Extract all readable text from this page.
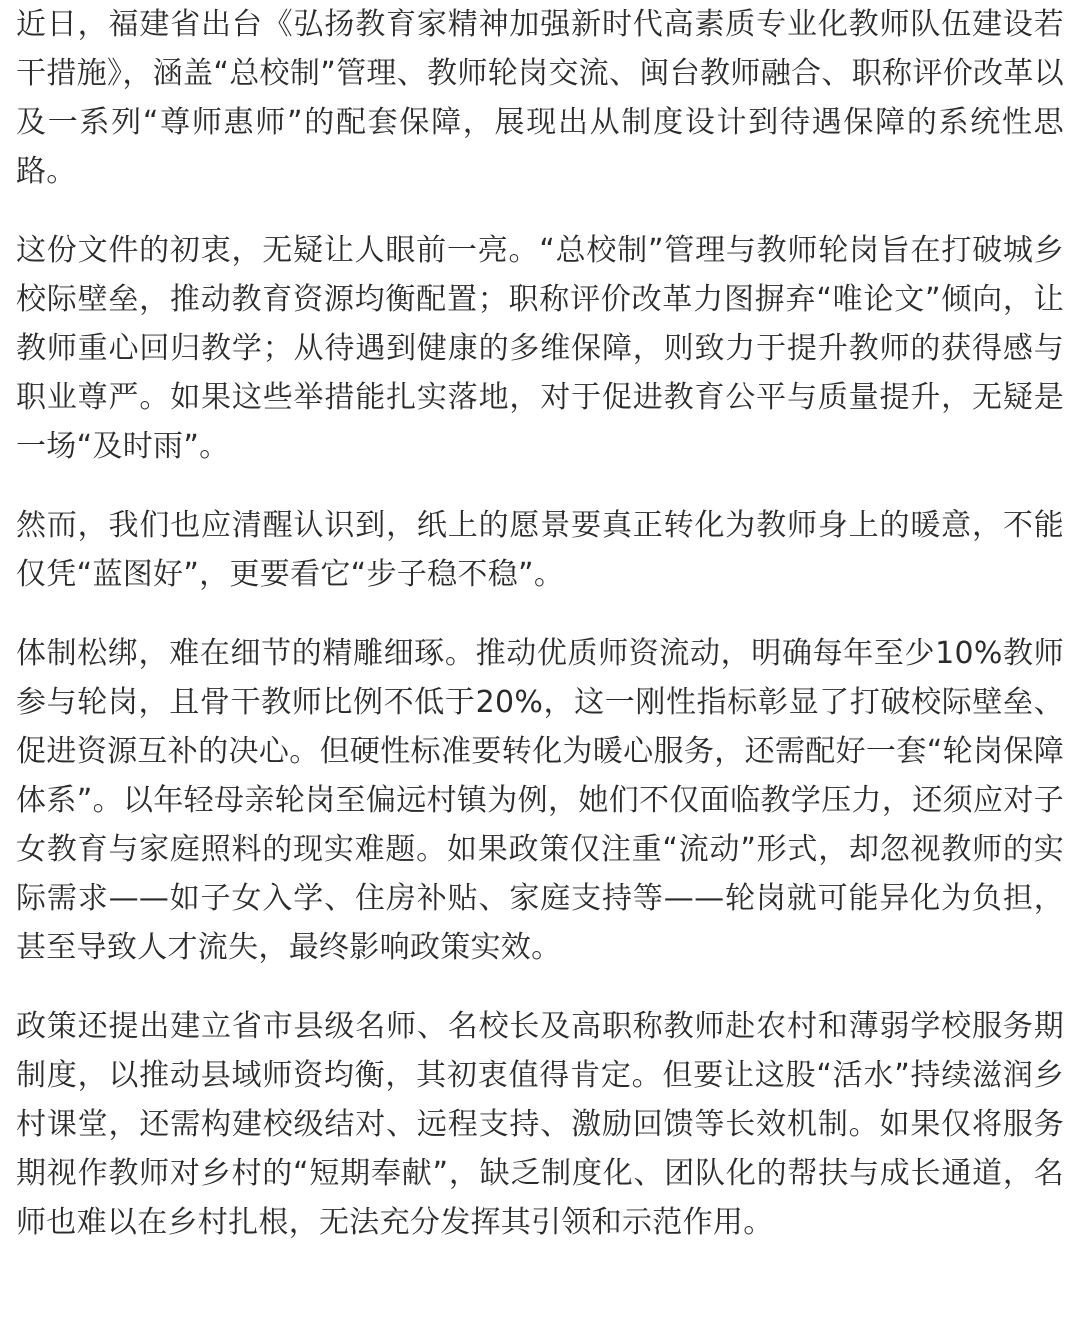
近日，福建省出台《弘扬教育家精神加强新时代高素质专业化教师队伍建设若干措施》，涵盖“总校制”管理、教师轮岗交流、闽台教师融合、职称评价改革以及一系列“尊师惠师”的配套保障，展现出从制度设计到待遇保障的系统性思路。

这份文件的初衷，无疑让人眼前一亮。“总校制”管理与教师轮岗旨在打破城乡校际壁垒，推动教育资源均衡配置；职称评价改革力图摒弃“唯论文”倾向，让教师重心回归教学；从待遇到健康的多维保障，则致力于提升教师的获得感与职业尊严。如果这些举措能扎实落地，对于促进教育公平与质量提升，无疑是一场“及时雨”。

然而，我们也应清醒认识到，纸上的愿景要真正转化为教师身上的暖意，不能仅凭“蓝图好”，更要看它“步子稳不稳”。

体制松绑，难在细节的精雕细琢。推动优质师资流动，明确每年至少10%教师参与轮岗，且骨干教师比例不低于20%，这一刚性指标彰显了打破校际壁垒、促进资源互补的决心。但硬性标准要转化为暖心服务，还需配好一套“轮岗保障体系”。以年轻母亲轮岗至偏远村镇为例，她们不仅面临教学压力，还须应对子女教育与家庭照料的现实难题。如果政策仅注重“流动”形式，却忽视教师的实际需求——如子女入学、住房补贴、家庭支持等——轮岗就可能异化为负担，甚至导致人才流失，最终影响政策实效。

政策还提出建立省市县级名师、名校长及高职称教师赴农村和薄弱学校服务期制度，以推动县域师资均衡，其初衷值得肯定。但要让这股“活水”持续滋润乡村课堂，还需构建校级结对、远程支持、激励回馈等长效机制。如果仅将服务期视作教师对乡村的“短期奉献”，缺乏制度化、团队化的帮扶与成长通道，名师也难以在乡村扎根，无法充分发挥其引领和示范作用。
